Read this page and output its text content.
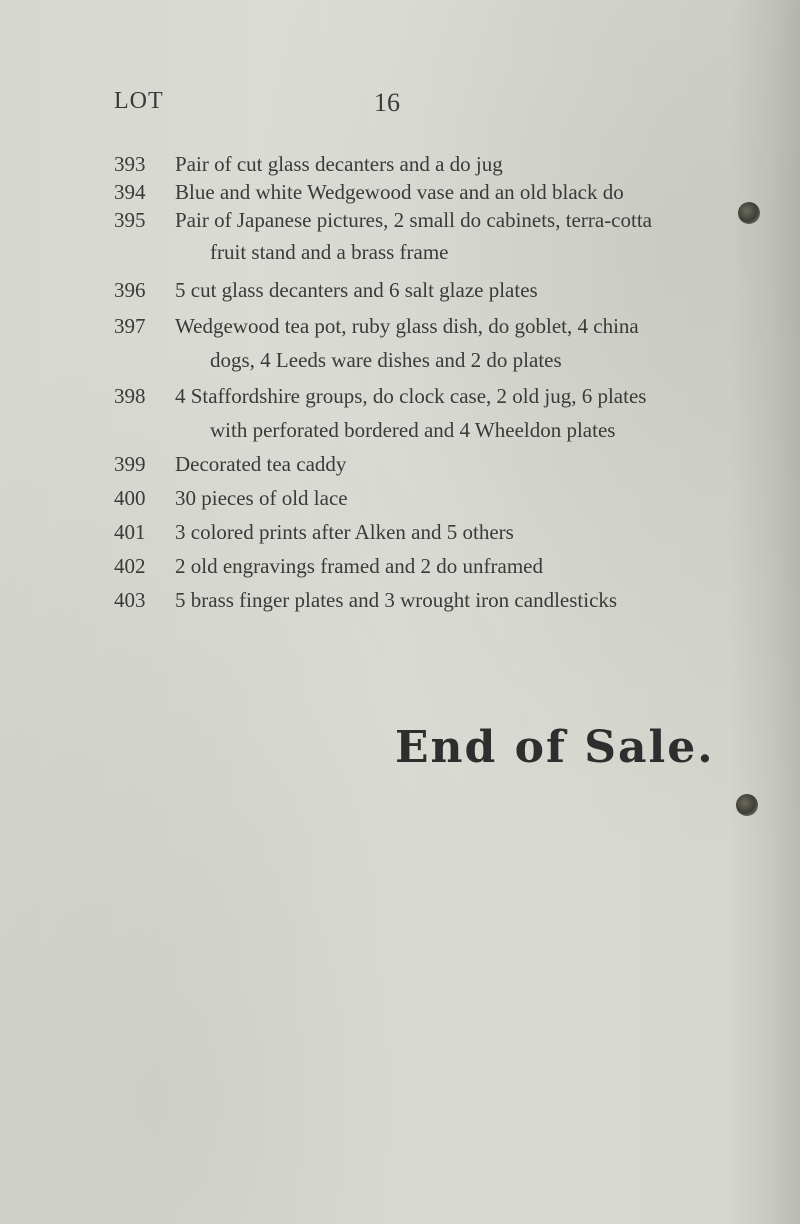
LOT	16
393 Pair of cut glass decanters and a do jug
394 Blue and white Wedgewood vase and an old black do
395 Pair of Japanese pictures, 2 small do cabinets, terra-cotta
fruit stand and a brass frame
396 5 cut glass decanters and 6 salt glaze plates
397 Wedgewood tea pot, ruby glass dish, do goblet, 4 china
dogs, 4 Leeds ware dishes and 2 do plates
398 4 Staffordshire groups, do clock case, 2 old jug, 6 plates
with perforated bordered and 4 Wheeldon plates
399 Decorated tea caddy
400 30 pieces of old lace
401 3 colored prints after Alken and 5 others
402 2 old engravings framed and 2 do unframed
403 5 brass finger plates and 3 wrought iron candlesticks
End of Sale.
